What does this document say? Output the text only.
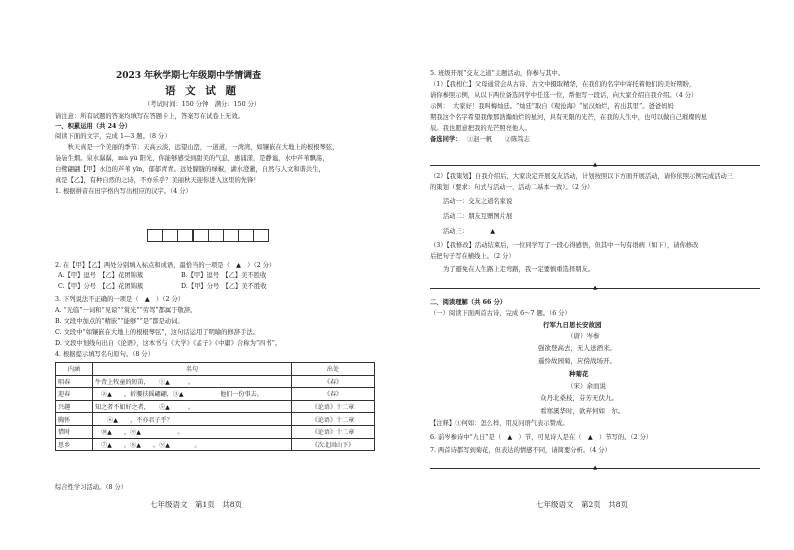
2023 年秋学期七年级期中学情调查
语 文 试 题
（考试时间：150 分钟　满分：150 分）
请注意：所有试题的答案均填写在答题卡上，答案写在试卷上无效。
一、积累运用（共 24 分）
阅读下面的文字，完成 1—3 题。（8 分）
　　秋天真是一个美丽的季节：天高云淡，远望山峦，一道道，一湾湾，如镶嵌在大地上的根根琴弦，
袅袅生烟。泉水潺潺，mù yù 阳光，你能够感受到甜美的气息，惠浦漾，是静谧，水中芦苇飘荡，
白鹭翩翩【甲】水边的芦苇 yīn，郁郁青青。远处朦胧的绿椒，湖水澄澈，自然与人文和谐共生，
真是【乙】，有种自然的之诗，不亦乐乎？美丽秋天迎你进入这里的先锋！
1. 根据拼音在田字格内写出相应的汉字。（4 分）
2. 在【甲】【乙】两处分别填入标点和成语，最恰当的一项是（　▲　）（2 分）
A.【甲】逗号　【乙】花团锦簇	B.【甲】逗号　【乙】美不胜收
C.【甲】分号　【乙】花团锦簇	D.【甲】分号　【乙】美不胜收
3. 下列说法不正确的一项是（　▲　）（2 分）
A. “光临”一词和“见谅”“赏光”“劳驾”都属于敬辞。
B. 文段中加点的“精嵌”“能够”“是”都是动词。
C. 文段中“如镶嵌在大地上的根根琴弦”，这句话运用了明喻的修辞手法。
D. 文段中划线句出自《论语》，这本书与《大学》《孟子》《中庸》合称为“四书”。
4. 根据提示填写名句原句。（8 分）
内涵	名句	出处
唱春	牛背上牧童的短笛，　　①▲　　　。	《春》
迎春	　②▲　　，折腰扶摇翩翩，③▲　　　　　　他们一份事去。	《春》
兴趣	知之者不如好之者，　　⑤▲　　　。	《论语》十二章
胸怀	　　⑥▲　　，不亦君子乎？	《论语》十二章
惜时	　⑩▲　　，⑨▲　　　　　　。	《论语》十二章
思乡	　⑦▲　　，⑧▲　　。⑨▲　　　　。	《次北固山下》
综合性学习活动。（8 分）
七年级语文　第1页　共8页
5. 班级开展“交友之道”主题活动，你参与其中。
（1）【我相仁】父母通常会从古诗、古文中摄取精华，在我们的名字中寄托着他们的美好期盼，
请你参照示例，从以下两位备选同学中任选一位，帮他写一段话，向大家介绍自我介绍。（4 分）
示例： 大家好！我叫梅灿廷。“灿廷”取自《观沧海》“星汉灿烂，若出其里”。爸爸妈妈
期我这个名字希望我像那浩瀚灿烂的星河，具有无限的光芒，在我的人生中，也可以做自己璀璨的星
辰。我也愿意把我的光芒照亮他人。
备选同学： ①赵一帆　　②陈笃志
▲
（2）【我策划】自我介绍后，大家决定开展交友活动，计划按照以下方面开展活动，请你依照示例完成活动三
的策划（要求：句式与活动一、活动二基本一致）。（2 分）
活动一：交友之道名家说
活动二：朋友互赠图片展
活动三：　　　　▲　　　　
（3）【我修改】活动结束后，一位同学写了一段心得感悟，但其中一句有语病（如下），请你修改
后把句子写在横线上。（2 分）
为了避免在人生路上走弯路，我一定要慎重选择朋友。
▲
二、阅读理解（共 66 分）
（一）阅读下面两首古诗，完成 6～7 题。（6 分）
行军九日思长安故园
（唐）岑参
强欲登高去，无人送酒来。
遥怜故园菊，应傍战场开。
种菊花
（宋）余而说
众丹北桑枝，芬芳无伏九。
看寒溪华时，欲弃何如　尔。
【注释】①何如：怎么样，用反问语气表示赞成。
6. 前岑参诗中“九日”是（　▲　）节，可见诗人是在（　▲　）节写的。（2 分）
7. 两首诗都写到菊花，但表达的情感不同，请简要分析。（4 分）
▲
七年级语文　第2页　共8页
